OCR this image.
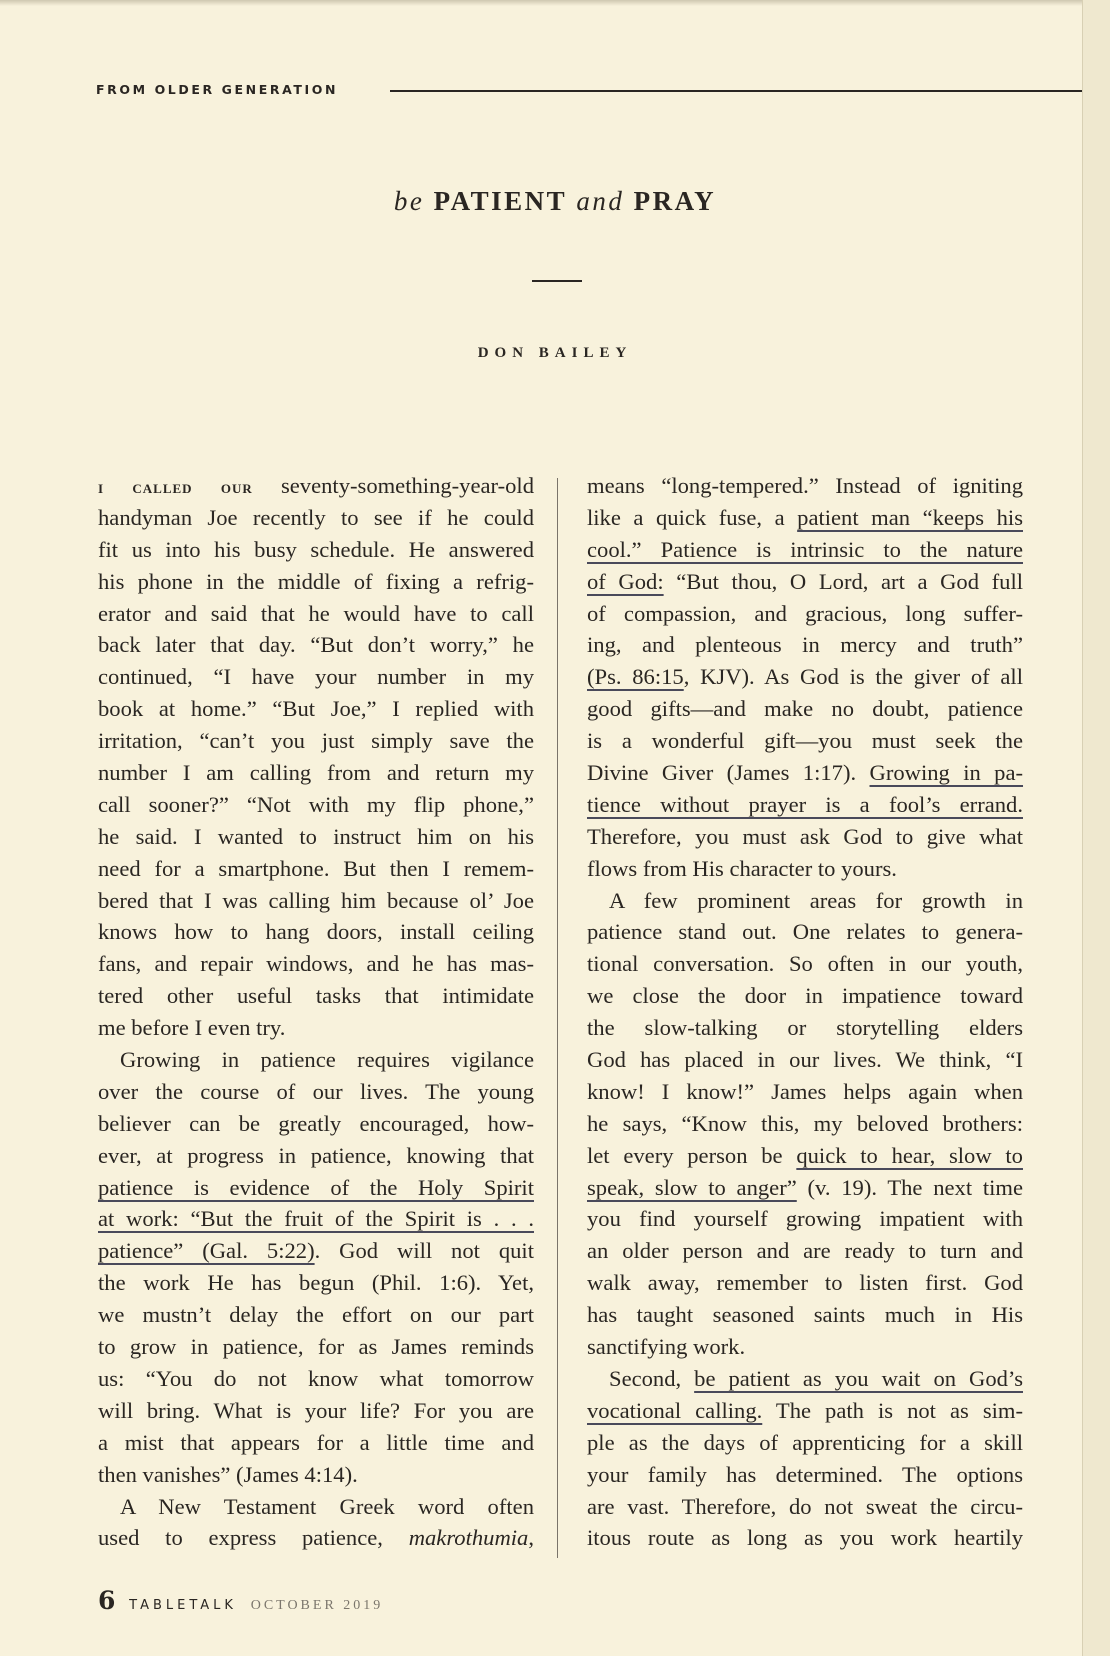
FROM OLDER GENERATION
be PATIENT and PRAY
DON BAILEY
i called our seventy-something-year-old
handyman Joe recently to see if he could
fit us into his busy schedule. He answered
his phone in the middle of fixing a refrig-
erator and said that he would have to call
back later that day. “But don’t worry,” he
continued, “I have your number in my
book at home.” “But Joe,” I replied with
irritation, “can’t you just simply save the
number I am calling from and return my
call sooner?” “Not with my flip phone,”
he said. I wanted to instruct him on his
need for a smartphone. But then I remem-
bered that I was calling him because ol’ Joe
knows how to hang doors, install ceiling
fans, and repair windows, and he has mas-
tered other useful tasks that intimidate
me before I even try.
Growing in patience requires vigilance
over the course of our lives. The young
believer can be greatly encouraged, how-
ever, at progress in patience, knowing that
patience is evidence of the Holy Spirit
at work: “But the fruit of the Spirit is . . .
patience” (Gal. 5:22). God will not quit
the work He has begun (Phil. 1:6). Yet,
we mustn’t delay the effort on our part
to grow in patience, for as James reminds
us: “You do not know what tomorrow
will bring. What is your life? For you are
a mist that appears for a little time and
then vanishes” (James 4:14).
A New Testament Greek word often
used to express patience, makrothumia,
means “long-tempered.” Instead of igniting
like a quick fuse, a patient man “keeps his
cool.” Patience is intrinsic to the nature
of God: “But thou, O Lord, art a God full
of compassion, and gracious, long suffer-
ing, and plenteous in mercy and truth”
(Ps. 86:15, KJV). As God is the giver of all
good gifts—and make no doubt, patience
is a wonderful gift—you must seek the
Divine Giver (James 1:17). Growing in pa-
tience without prayer is a fool’s errand.
Therefore, you must ask God to give what
flows from His character to yours.
A few prominent areas for growth in
patience stand out. One relates to genera-
tional conversation. So often in our youth,
we close the door in impatience toward
the slow-talking or storytelling elders
God has placed in our lives. We think, “I
know! I know!” James helps again when
he says, “Know this, my beloved brothers:
let every person be quick to hear, slow to
speak, slow to anger” (v. 19). The next time
you find yourself growing impatient with
an older person and are ready to turn and
walk away, remember to listen first. God
has taught seasoned saints much in His
sanctifying work.
Second, be patient as you wait on God’s
vocational calling. The path is not as sim-
ple as the days of apprenticing for a skill
your family has determined. The options
are vast. Therefore, do not sweat the circu-
itous route as long as you work heartily
6 TABLETALK OCTOBER 2019
